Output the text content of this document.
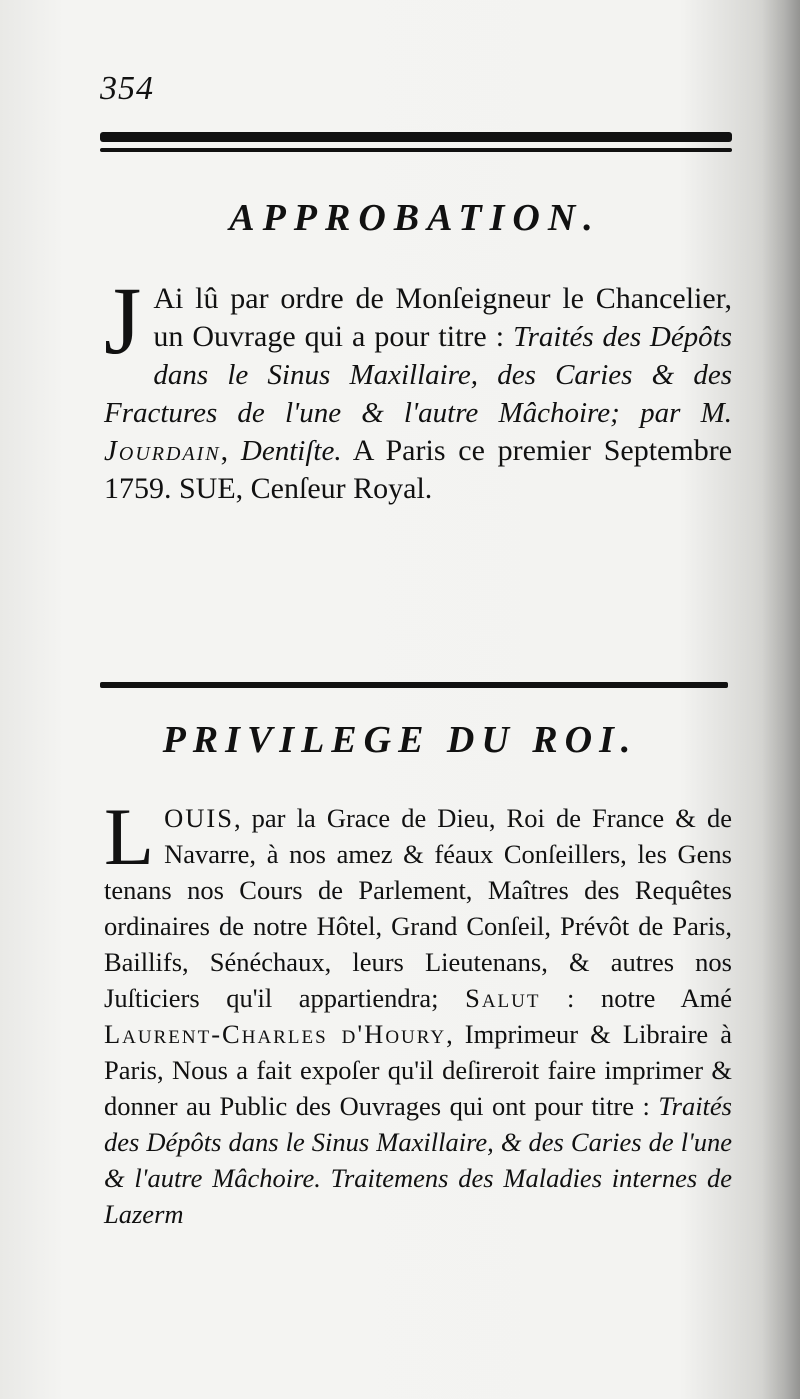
354
APPROBATION.
J Ai lû par ordre de Monſeigneur le Chancelier, un Ouvrage qui a pour titre : Traités des Dépôts dans le Sinus Maxillaire, des Caries & des Fractures de l'une & l'autre Mâchoire; par M. Jourdain, Dentiſte. A Paris ce premier Septembre 1759. SUE, Cenſeur Royal.
PRIVILEGE DU ROI.
L OUIS, par la Grace de Dieu, Roi de France & de Navarre, à nos amez & féaux Conſeillers, les Gens tenans nos Cours de Parlement, Maîtres des Requêtes ordinaires de notre Hôtel, Grand Conſeil, Prévôt de Paris, Baillifs, Sénéchaux, leurs Lieutenans, & autres nos Juſticiers qu'il appartiendra; Salut : notre Amé Laurent-Charles d'Houry, Imprimeur & Libraire à Paris, Nous a fait expoſer qu'il deſireroit faire imprimer & donner au Public des Ouvrages qui ont pour titre : Traités des Dépôts dans le Sinus Maxillaire, & des Caries de l'une & l'autre Mâchoire. Traitemens des Maladies internes de Lazerm
